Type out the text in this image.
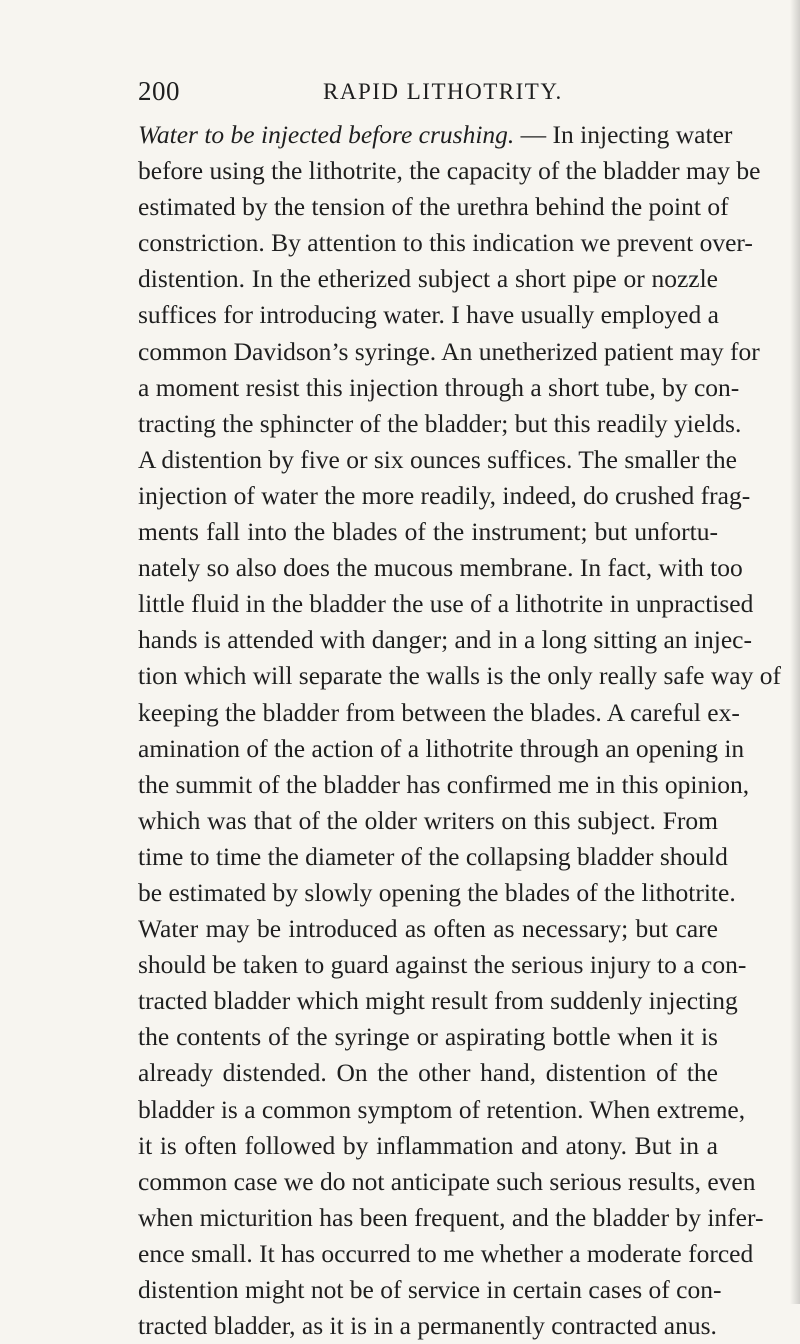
200	RAPID LITHOTRITY.
Water to be injected before crushing. — In injecting water
before using the lithotrite, the capacity of the bladder may be
estimated by the tension of the urethra behind the point of
constriction. By attention to this indication we prevent over-
distention. In the etherized subject a short pipe or nozzle
suffices for introducing water. I have usually employed a
common Davidson’s syringe. An unetherized patient may for
a moment resist this injection through a short tube, by con-
tracting the sphincter of the bladder; but this readily yields.
A distention by five or six ounces suffices. The smaller the
injection of water the more readily, indeed, do crushed frag-
ments fall into the blades of the instrument; but unfortu-
nately so also does the mucous membrane. In fact, with too
little fluid in the bladder the use of a lithotrite in unpractised
hands is attended with danger; and in a long sitting an injec-
tion which will separate the walls is the only really safe way of
keeping the bladder from between the blades. A careful ex-
amination of the action of a lithotrite through an opening in
the summit of the bladder has confirmed me in this opinion,
which was that of the older writers on this subject. From
time to time the diameter of the collapsing bladder should
be estimated by slowly opening the blades of the lithotrite.
Water may be introduced as often as necessary; but care
should be taken to guard against the serious injury to a con-
tracted bladder which might result from suddenly injecting
the contents of the syringe or aspirating bottle when it is
already distended. On the other hand, distention of the
bladder is a common symptom of retention. When extreme,
it is often followed by inflammation and atony. But in a
common case we do not anticipate such serious results, even
when micturition has been frequent, and the bladder by infer-
ence small. It has occurred to me whether a moderate forced
distention might not be of service in certain cases of con-
tracted bladder, as it is in a permanently contracted anus.
